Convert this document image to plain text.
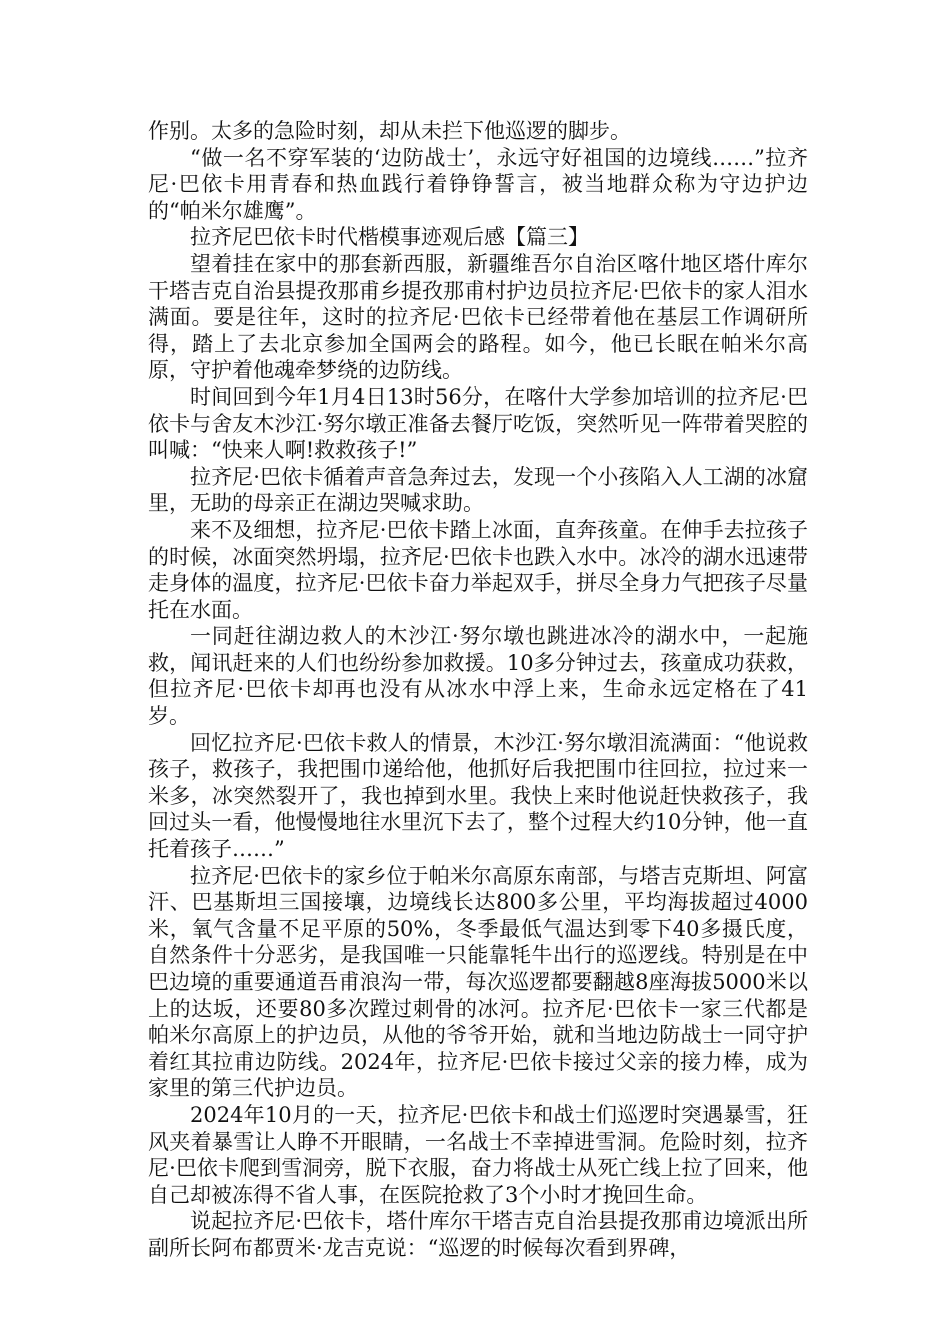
作别。太多的急险时刻，却从未拦下他巡逻的脚步。

“做一名不穿军装的‘边防战士’，永远守好祖国的边境线……”拉齐尼·巴依卡用青春和热血践行着铮铮誓言，被当地群众称为守边护边的“帕米尔雄鹰”。

拉齐尼巴依卡时代楷模事迹观后感【篇三】

望着挂在家中的那套新西服，新疆维吾尔自治区喀什地区塔什库尔干塔吉克自治县提孜那甫乡提孜那甫村护边员拉齐尼·巴依卡的家人泪水满面。要是往年，这时的拉齐尼·巴依卡已经带着他在基层工作调研所得，踏上了去北京参加全国两会的路程。如今，他已长眠在帕米尔高原，守护着他魂牵梦绕的边防线。

时间回到今年1月4日13时56分，在喀什大学参加培训的拉齐尼·巴依卡与舍友木沙江·努尔墩正准备去餐厅吃饭，突然听见一阵带着哭腔的叫喊：“快来人啊!救救孩子!”

拉齐尼·巴依卡循着声音急奔过去，发现一个小孩陷入人工湖的冰窟里，无助的母亲正在湖边哭喊求助。

来不及细想，拉齐尼·巴依卡踏上冰面，直奔孩童。在伸手去拉孩子的时候，冰面突然坍塌，拉齐尼·巴依卡也跌入水中。冰冷的湖水迅速带走身体的温度，拉齐尼·巴依卡奋力举起双手，拼尽全身力气把孩子尽量托在水面。

一同赶往湖边救人的木沙江·努尔墩也跳进冰冷的湖水中，一起施救，闻讯赶来的人们也纷纷参加救援。10多分钟过去，孩童成功获救，但拉齐尼·巴依卡却再也没有从冰水中浮上来，生命永远定格在了41岁。

回忆拉齐尼·巴依卡救人的情景，木沙江·努尔墩泪流满面：“他说救孩子，救孩子，我把围巾递给他，他抓好后我把围巾往回拉，拉过来一米多，冰突然裂开了，我也掉到水里。我快上来时他说赶快救孩子，我回过头一看，他慢慢地往水里沉下去了，整个过程大约10分钟，他一直托着孩子……”

拉齐尼·巴依卡的家乡位于帕米尔高原东南部，与塔吉克斯坦、阿富汗、巴基斯坦三国接壤，边境线长达800多公里，平均海拔超过4000米，氧气含量不足平原的50%，冬季最低气温达到零下40多摄氏度，自然条件十分恶劣，是我国唯一只能靠牦牛出行的巡逻线。特别是在中巴边境的重要通道吾甫浪沟一带，每次巡逻都要翻越8座海拔5000米以上的达坂，还要80多次蹚过刺骨的冰河。拉齐尼·巴依卡一家三代都是帕米尔高原上的护边员，从他的爷爷开始，就和当地边防战士一同守护着红其拉甫边防线。2024年，拉齐尼·巴依卡接过父亲的接力棒，成为家里的第三代护边员。

2024年10月的一天，拉齐尼·巴依卡和战士们巡逻时突遇暴雪，狂风夹着暴雪让人睁不开眼睛，一名战士不幸掉进雪洞。危险时刻，拉齐尼·巴依卡爬到雪洞旁，脱下衣服，奋力将战士从死亡线上拉了回来，他自己却被冻得不省人事，在医院抢救了3个小时才挽回生命。

说起拉齐尼·巴依卡，塔什库尔干塔吉克自治县提孜那甫边境派出所副所长阿布都贾米·龙吉克说：“巡逻的时候每次看到界碑，
